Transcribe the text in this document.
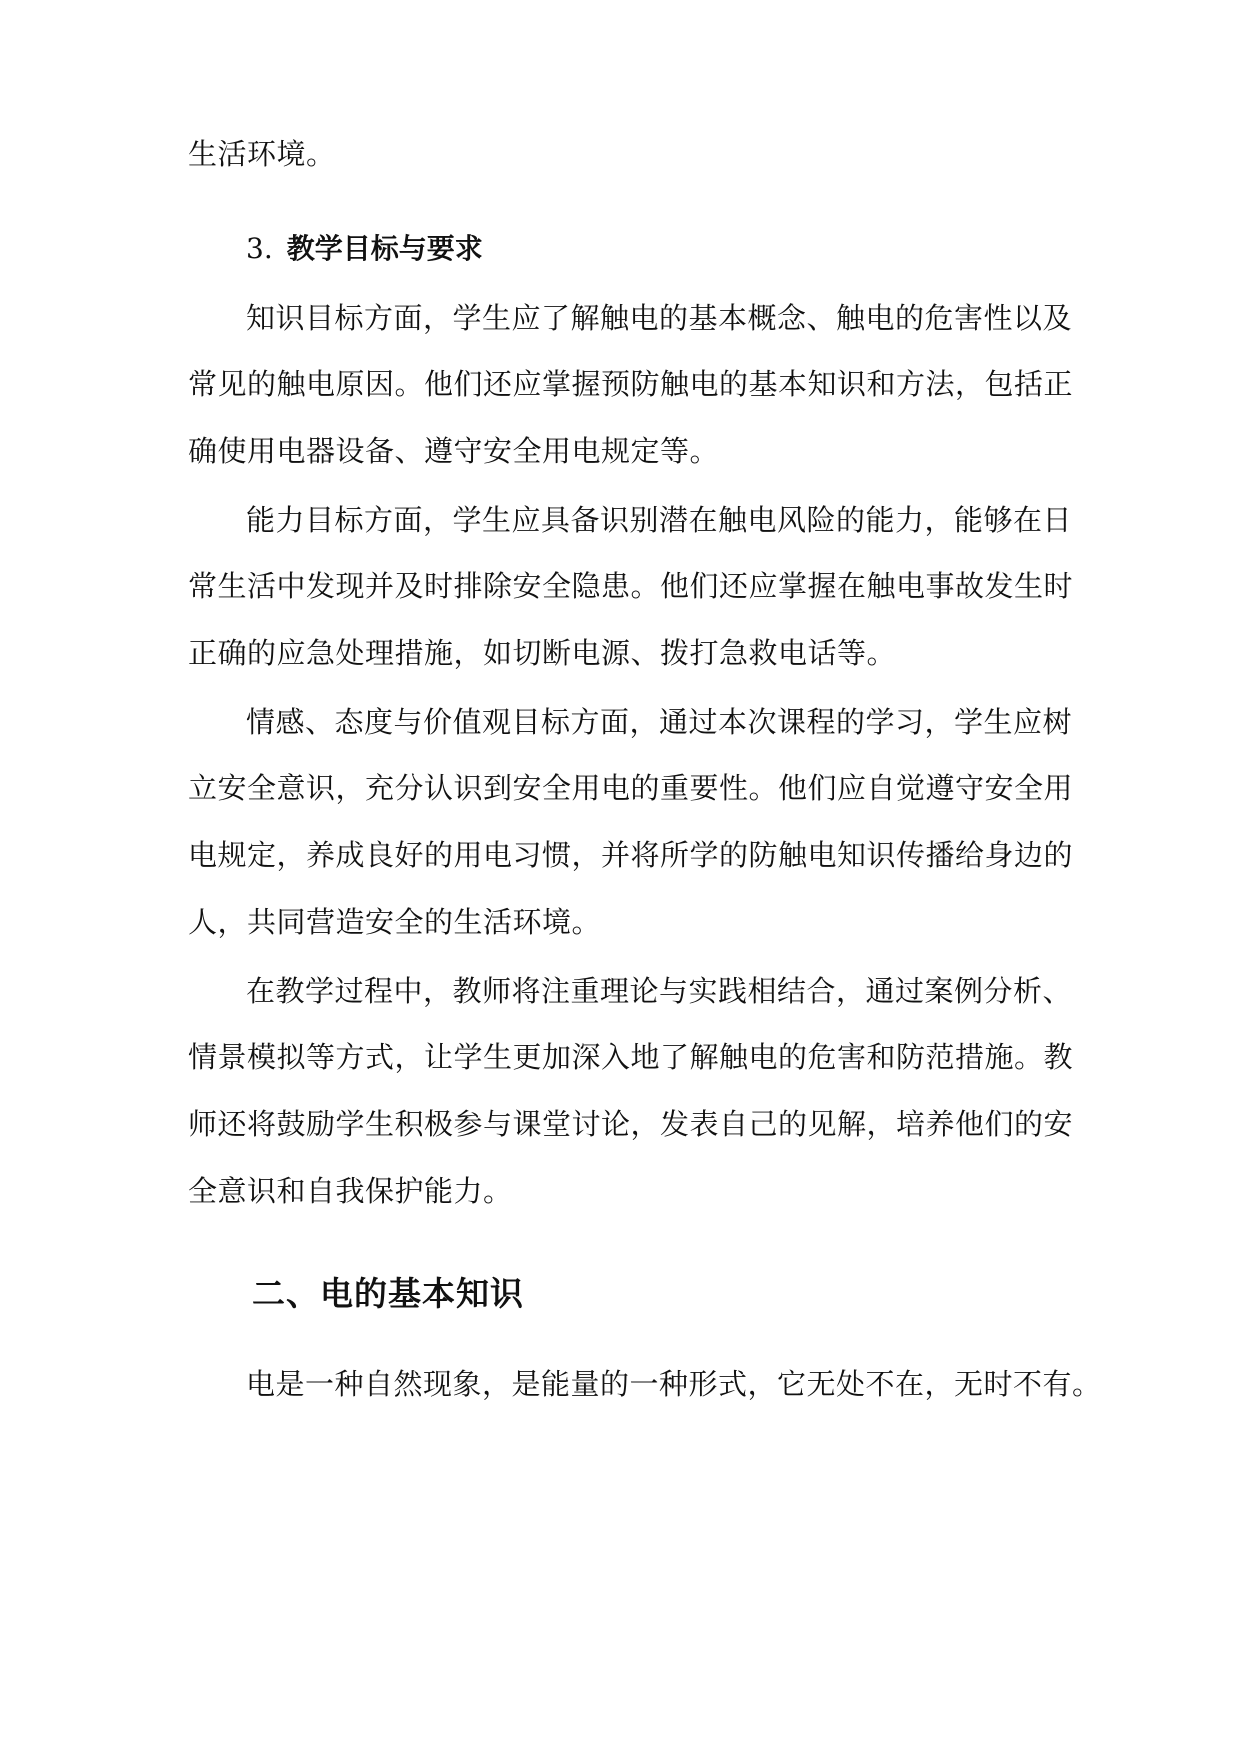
生活环境。
3. 教学目标与要求
知识目标方面，学生应了解触电的基本概念、触电的危害性以及
常见的触电原因。他们还应掌握预防触电的基本知识和方法，包括正
确使用电器设备、遵守安全用电规定等。
能力目标方面，学生应具备识别潜在触电风险的能力，能够在日
常生活中发现并及时排除安全隐患。他们还应掌握在触电事故发生时
正确的应急处理措施，如切断电源、拨打急救电话等。
情感、态度与价值观目标方面，通过本次课程的学习，学生应树
立安全意识，充分认识到安全用电的重要性。他们应自觉遵守安全用
电规定，养成良好的用电习惯，并将所学的防触电知识传播给身边的
人，共同营造安全的生活环境。
在教学过程中，教师将注重理论与实践相结合，通过案例分析、
情景模拟等方式，让学生更加深入地了解触电的危害和防范措施。教
师还将鼓励学生积极参与课堂讨论，发表自己的见解，培养他们的安
全意识和自我保护能力。
二、电的基本知识
电是一种自然现象，是能量的一种形式，它无处不在，无时不有。
